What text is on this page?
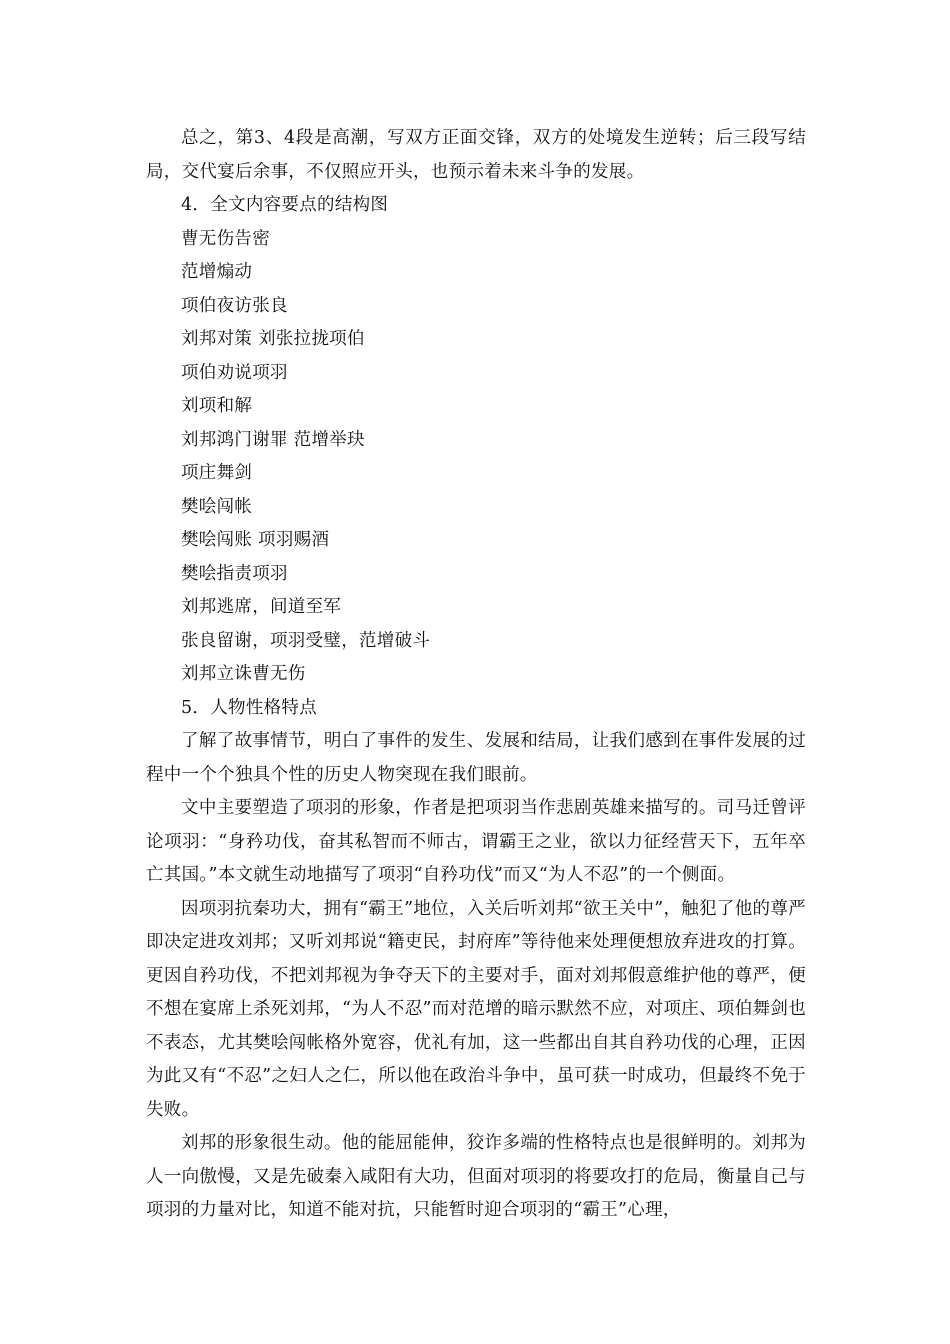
总之，第3、4段是高潮，写双方正面交锋，双方的处境发生逆转；后三段写结局，交代宴后余事，不仅照应开头，也预示着未来斗争的发展。

4．全文内容要点的结构图

曹无伤告密

范增煽动

项伯夜访张良

刘邦对策 刘张拉拢项伯

项伯劝说项羽

刘项和解

刘邦鸿门谢罪 范增举玦

项庄舞剑

樊哙闯帐

樊哙闯账 项羽赐酒

樊哙指责项羽

刘邦逃席，间道至军

张良留谢，项羽受璧，范增破斗

刘邦立诛曹无伤

5．人物性格特点

了解了故事情节，明白了事件的发生、发展和结局，让我们感到在事件发展的过程中一个个独具个性的历史人物突现在我们眼前。

文中主要塑造了项羽的形象，作者是把项羽当作悲剧英雄来描写的。司马迁曾评论项羽：“身矜功伐，奋其私智而不师古，谓霸王之业，欲以力征经营天下，五年卒亡其国。”本文就生动地描写了项羽“自矜功伐”而又“为人不忍”的一个侧面。

因项羽抗秦功大，拥有“霸王”地位，入关后听刘邦“欲王关中”，触犯了他的尊严即决定进攻刘邦；又听刘邦说“籍吏民，封府库”等待他来处理便想放弃进攻的打算。更因自矜功伐，不把刘邦视为争夺天下的主要对手，面对刘邦假意维护他的尊严，便不想在宴席上杀死刘邦，“为人不忍”而对范增的暗示默然不应，对项庄、项伯舞剑也不表态，尤其樊哙闯帐格外宽容，优礼有加，这一些都出自其自矜功伐的心理，正因为此又有“不忍”之妇人之仁，所以他在政治斗争中，虽可获一时成功，但最终不免于失败。

刘邦的形象很生动。他的能屈能伸，狡诈多端的性格特点也是很鲜明的。刘邦为人一向傲慢，又是先破秦入咸阳有大功，但面对项羽的将要攻打的危局，衡量自己与项羽的力量对比，知道不能对抗，只能暂时迎合项羽的“霸王”心理，
